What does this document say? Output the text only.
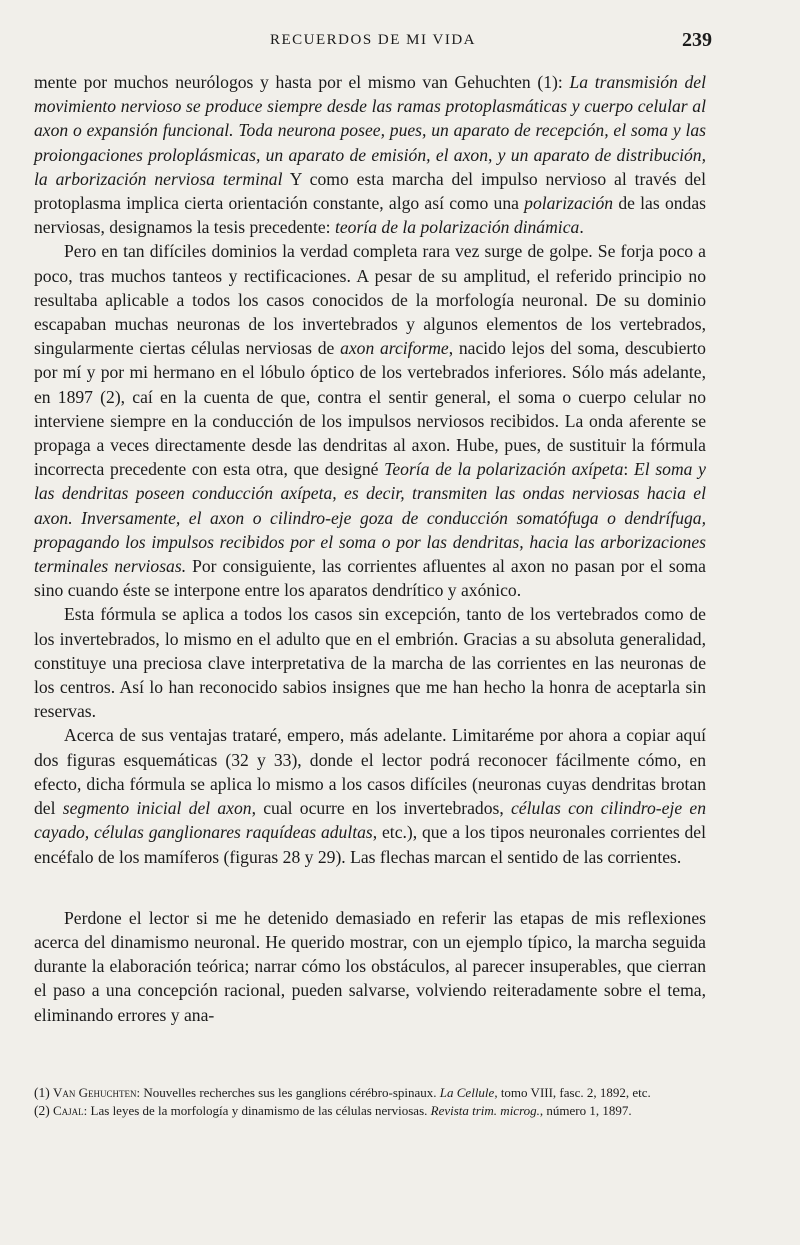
RECUERDOS DE MI VIDA	239

mente por muchos neurólogos y hasta por el mismo van Gehuchten (1): La transmisión del movimiento nervioso se produce siempre desde las ramas protoplasmáticas y cuerpo celular al axon o expansión funcional. Toda neurona posee, pues, un aparato de recepción, el soma y las proiongaciones proloplásmicas, un aparato de emisión, el axon, y un aparato de distribución, la arborización nerviosa terminal Y como esta marcha del impulso nervioso al través del protoplasma implica cierta orientación constante, algo así como una polarización de las ondas nerviosas, designamos la tesis precedente: teoría de la polarización dinámica.

Pero en tan difíciles dominios la verdad completa rara vez surge de golpe. Se forja poco a poco, tras muchos tanteos y rectificaciones. A pesar de su amplitud, el referido principio no resultaba aplicable a todos los casos conocidos de la morfología neuronal. De su dominio escapaban muchas neuronas de los invertebrados y algunos elementos de los vertebrados, singularmente ciertas células nerviosas de axon arciforme, nacido lejos del soma, descubierto por mí y por mi hermano en el lóbulo óptico de los vertebrados inferiores. Sólo más adelante, en 1897 (2), caí en la cuenta de que, contra el sentir general, el soma o cuerpo celular no interviene siempre en la conducción de los impulsos nerviosos recibidos. La onda aferente se propaga a veces directamente desde las dendritas al axon. Hube, pues, de sustituir la fórmula incorrecta precedente con esta otra, que designé Teoría de la polarización axípeta: El soma y las dendritas poseen conducción axípeta, es decir, transmiten las ondas nerviosas hacia el axon. Inversamente, el axon o cilindro-eje goza de conducción somatófuga o dendrífuga, propagando los impulsos recibidos por el soma o por las dendritas, hacia las arborizaciones terminales nerviosas. Por consiguiente, las corrientes afluentes al axon no pasan por el soma sino cuando éste se interpone entre los aparatos dendrítico y axónico.

Esta fórmula se aplica a todos los casos sin excepción, tanto de los vertebrados como de los invertebrados, lo mismo en el adulto que en el embrión. Gracias a su absoluta generalidad, constituye una preciosa clave interpretativa de la marcha de las corrientes en las neuronas de los centros. Así lo han reconocido sabios insignes que me han hecho la honra de aceptarla sin reservas.

Acerca de sus ventajas trataré, empero, más adelante. Limitaréme por ahora a copiar aquí dos figuras esquemáticas (32 y 33), donde el lector podrá reconocer fácilmente cómo, en efecto, dicha fórmula se aplica lo mismo a los casos difíciles (neuronas cuyas dendritas brotan del segmento inicial del axon, cual ocurre en los invertebrados, células con cilindro-eje en cayado, células ganglionares raquídeas adultas, etc.), que a los tipos neuronales corrientes del encéfalo de los mamíferos (figuras 28 y 29). Las flechas marcan el sentido de las corrientes.

Perdone el lector si me he detenido demasiado en referir las etapas de mis reflexiones acerca del dinamismo neuronal. He querido mostrar, con un ejemplo típico, la marcha seguida durante la elaboración teórica; narrar cómo los obstáculos, al parecer insuperables, que cierran el paso a una concepción racional, pueden salvarse, volviendo reiteradamente sobre el tema, eliminando errores y ana-

(1) Van Gehuchten: Nouvelles recherches sus les ganglions cérébro-spinaux. La Cellule, tomo VIII, fasc. 2, 1892, etc.

(2) Cajal: Las leyes de la morfología y dinamismo de las células nerviosas. Revista trim. microg., número 1, 1897.
